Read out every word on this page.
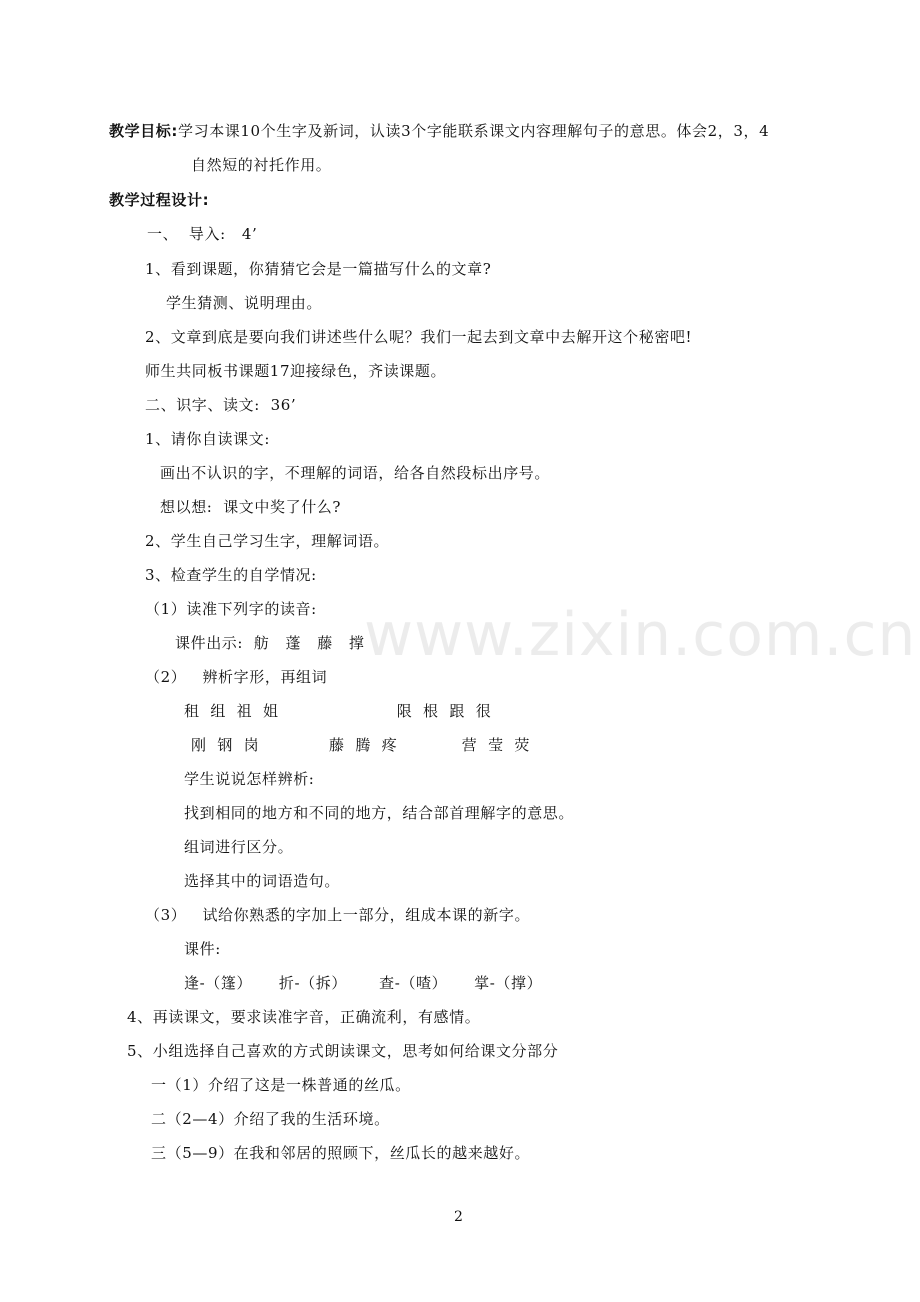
教学目标:学习本课10个生字及新词，认读3个字能联系课文内容理解句子的意思。体会2，3，4
自然短的衬托作用。
教学过程设计:
一、  导入:   4’
1、看到课题，你猜猜它会是一篇描写什么的文章?
学生猜测、说明理由。
2、文章到底是要向我们讲述些什么呢？我们一起去到文章中去解开这个秘密吧!
师生共同板书课题17迎接绿色，齐读课题。
二、识字、读文:  36’
1、请你自读课文:
画出不认识的字，不理解的词语，给各自然段标出序号。
想以想:  课文中奖了什么?
2、学生自己学习生字，理解词语。
3、检查学生的自学情况:
（1）读准下列字的读音:
课件出示:  舫   蓬   藤   撑
（2）   辨析字形，再组词
租  组  祖  姐                      限  根  跟  很
刚  钢  岗             藤  腾  疼            营  莹  荧
学生说说怎样辨析:
找到相同的地方和不同的地方，结合部首理解字的意思。
组词进行区分。
选择其中的词语造句。
（3）   试给你熟悉的字加上一部分，组成本课的新字。
课件:
逢-（篷）     折-（拆）      查-（喳）     掌-（撑）
4、再读课文，要求读准字音，正确流利，有感情。
5、小组选择自己喜欢的方式朗读课文，思考如何给课文分部分
一（1）介绍了这是一株普通的丝瓜。
二（2—4）介绍了我的生活环境。
三（5—9）在我和邻居的照顾下，丝瓜长的越来越好。
www.zixin.com.cn
2
